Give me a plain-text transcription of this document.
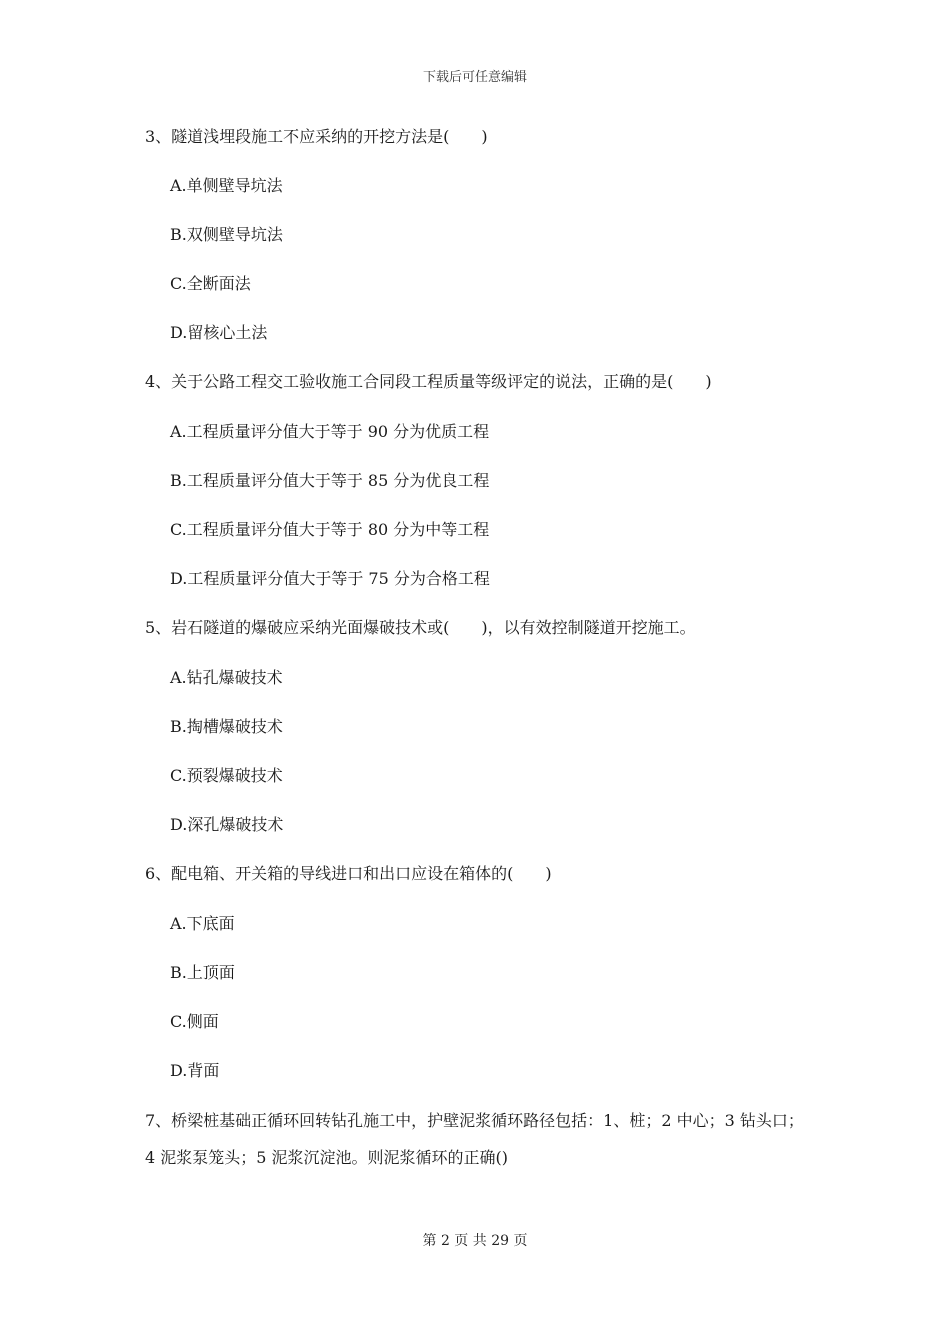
下载后可任意编辑
3、隧道浅埋段施工不应采纳的开挖方法是(　　)
A.单侧壁导坑法
B.双侧壁导坑法
C.全断面法
D.留核心土法
4、关于公路工程交工验收施工合同段工程质量等级评定的说法，正确的是(　　)
A.工程质量评分值大于等于 90 分为优质工程
B.工程质量评分值大于等于 85 分为优良工程
C.工程质量评分值大于等于 80 分为中等工程
D.工程质量评分值大于等于 75 分为合格工程
5、岩石隧道的爆破应采纳光面爆破技术或(　　)，以有效控制隧道开挖施工。
A.钻孔爆破技术
B.掏槽爆破技术
C.预裂爆破技术
D.深孔爆破技术
6、配电箱、开关箱的导线进口和出口应设在箱体的(　　)
A.下底面
B.上顶面
C.侧面
D.背面
7、桥梁桩基础正循环回转钻孔施工中，护壁泥浆循环路径包括：1、桩；2 中心；3 钻头口；
4 泥浆泵笼头；5 泥浆沉淀池。则泥浆循环的正确()
第 2 页 共 29 页
